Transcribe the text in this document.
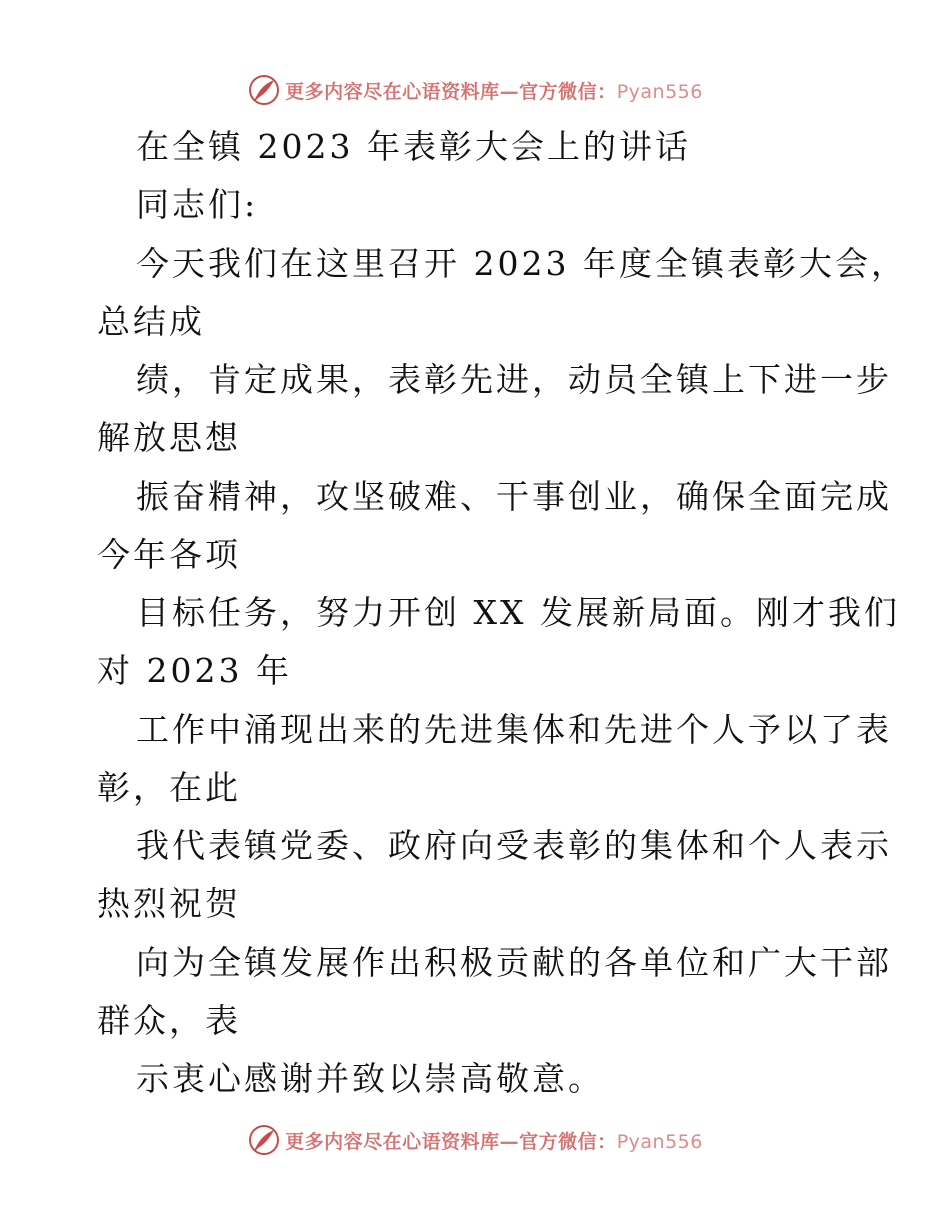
更多内容尽在心语资料库—官方微信：Pyan556
在全镇 2023 年表彰大会上的讲话
同志们:
今天我们在这里召开 2023 年度全镇表彰大会，
总结成
绩，肯定成果，表彰先进，动员全镇上下进一步
解放思想
振奋精神，攻坚破难、干事创业，确保全面完成
今年各项
目标任务，努力开创 XX 发展新局面。刚才我们
对 2023 年
工作中涌现出来的先进集体和先进个人予以了表
彰，在此
我代表镇党委、政府向受表彰的集体和个人表示
热烈祝贺
向为全镇发展作出积极贡献的各单位和广大干部
群众，表
示衷心感谢并致以崇高敬意。
更多内容尽在心语资料库—官方微信：Pyan556
